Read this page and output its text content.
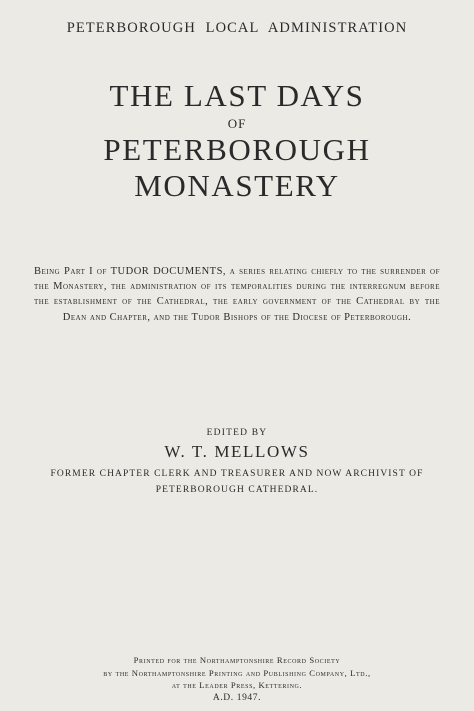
PETERBOROUGH LOCAL ADMINISTRATION
THE LAST DAYS
OF
PETERBOROUGH
MONASTERY
Being Part I of TUDOR DOCUMENTS, a series relating chiefly to the surrender of the Monastery, the administration of its temporalities during the interregnum before the establishment of the Cathedral, the early government of the Cathedral by the Dean and Chapter, and the Tudor Bishops of the Diocese of Peterborough.
EDITED BY
W. T. MELLOWS
FORMER CHAPTER CLERK AND TREASURER AND NOW ARCHIVIST OF
PETERBOROUGH CATHEDRAL.
Printed for the Northamptonshire Record Society
by the Northamptonshire Printing and Publishing Company, Ltd.,
at the Leader Press, Kettering.
A.D. 1947.
